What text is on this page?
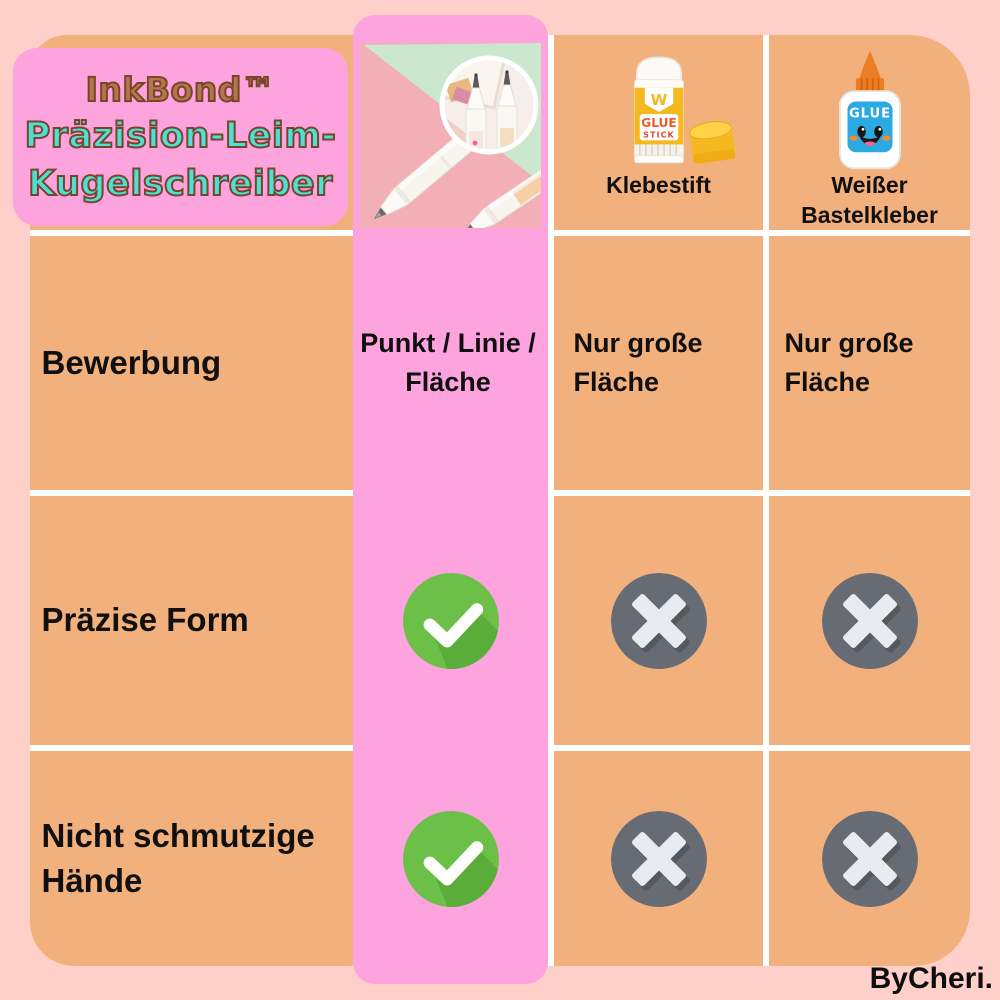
W
GLUE
STICK
Klebestift
GLUE
Weißer Bastelkleber
InkBond™
Präzision-Leim-
Kugelschreiber
Bewerbung
Punkt / Linie / Fläche
Nur große Fläche
Nur große Fläche
Präzise Form
Nicht schmutzige Hände
ByCheri.
